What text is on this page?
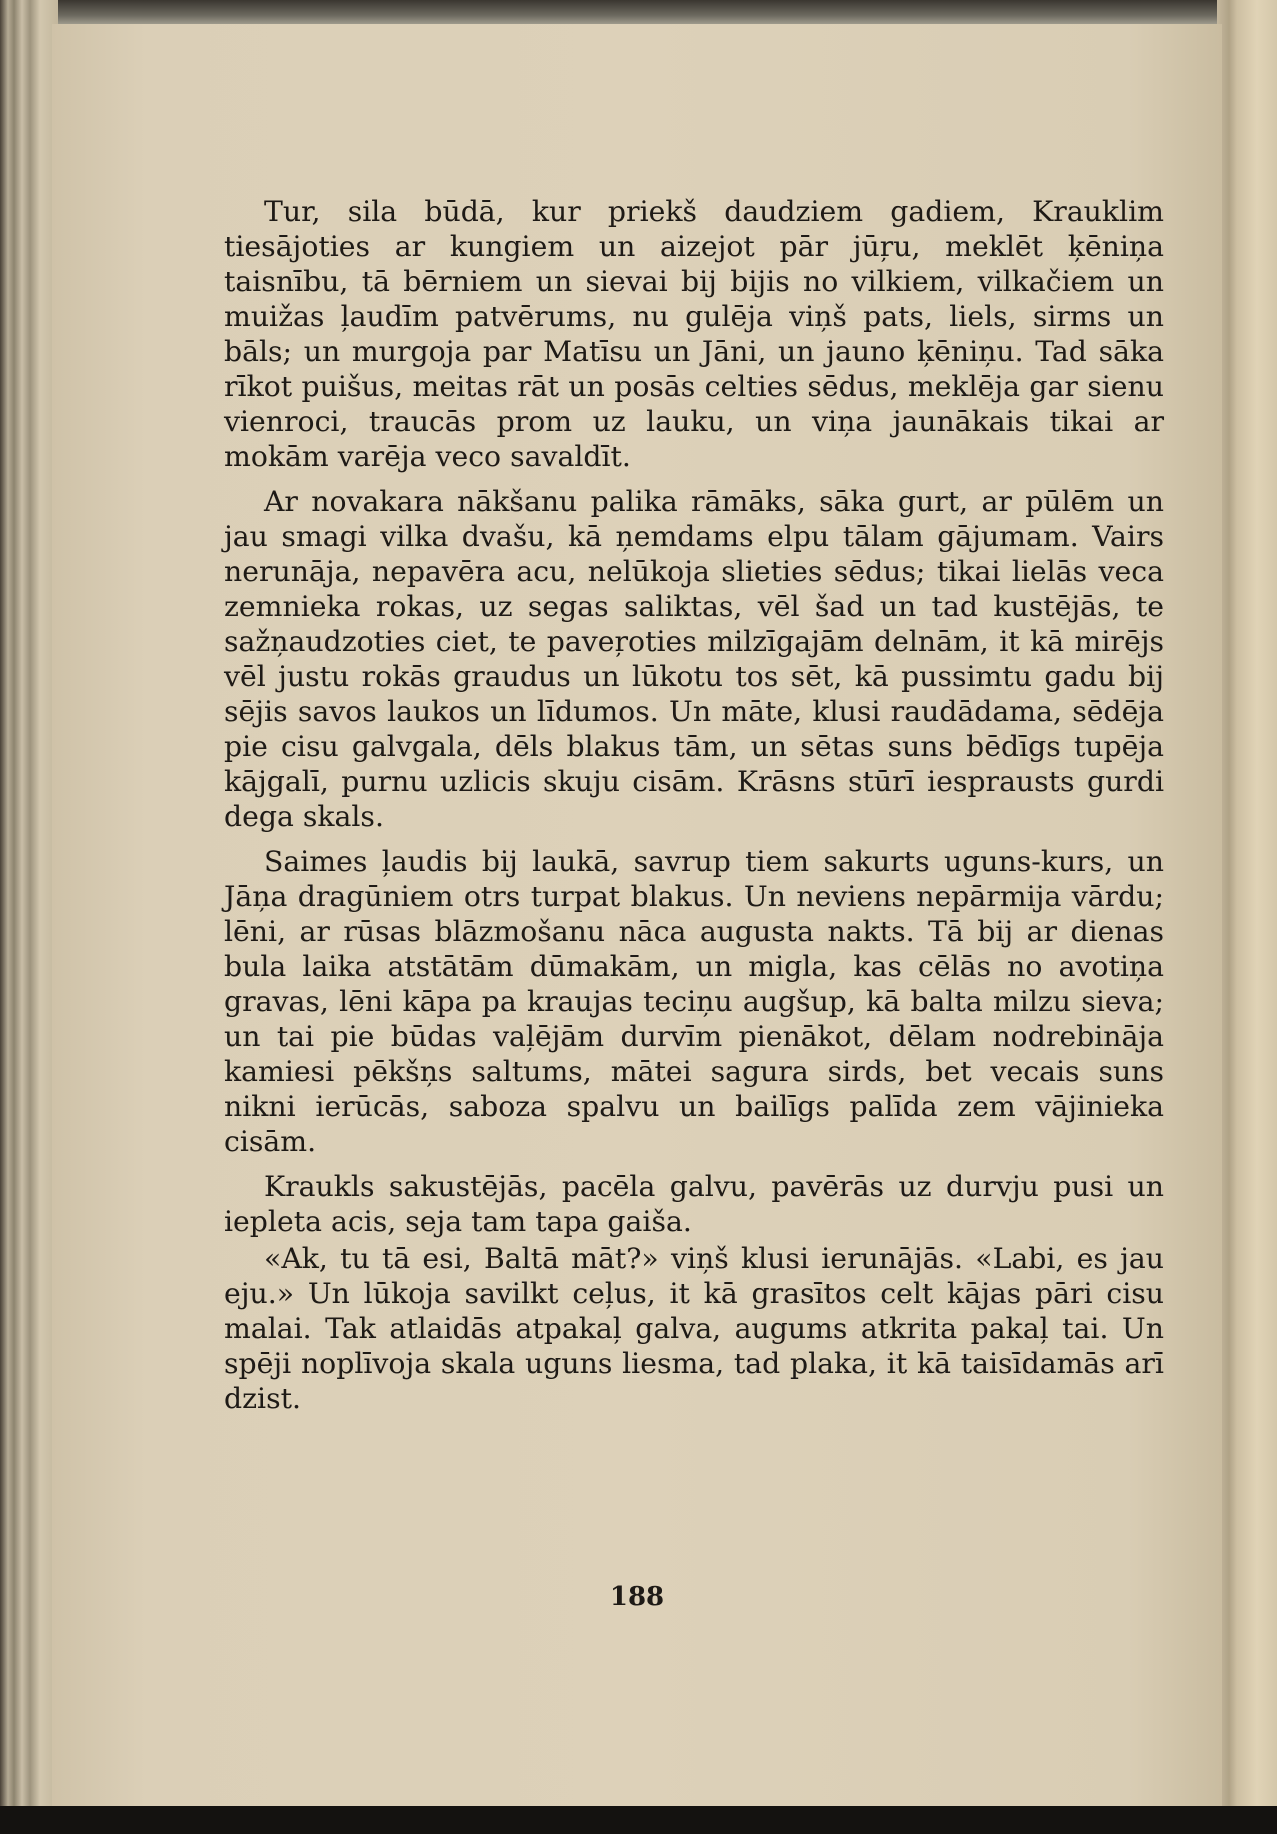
Tur, sila būdā, kur priekš daudziem gadiem, Krauklim tiesājoties ar kungiem un aizejot pār jūŗu, meklēt ķēniņa taisnību, tā bērniem un sievai bij bijis no vilkiem, vilkačiem un muižas ļaudīm patvērums, nu gulēja viņš pats, liels, sirms un bāls; un murgoja par Matīsu un Jāni, un jauno ķēniņu. Tad sāka rīkot puišus, meitas rāt un posās celties sēdus, meklēja gar sienu vienroci, traucās prom uz lauku, un viņa jaunākais tikai ar mokām varēja veco savaldīt.

Ar novakara nākšanu palika rāmāks, sāka gurt, ar pūlēm un jau smagi vilka dvašu, kā ņemdams elpu tālam gājumam. Vairs nerunāja, nepavēra acu, nelūkoja slieties sēdus; tikai lielās veca zemnieka rokas, uz segas saliktas, vēl šad un tad kustējās, te sažņaudzoties ciet, te paveŗoties milzīgajām delnām, it kā mirējs vēl justu rokās graudus un lūkotu tos sēt, kā pussimtu gadu bij sējis savos laukos un līdumos. Un māte, klusi raudādama, sēdēja pie cisu galvgala, dēls blakus tām, un sētas suns bēdīgs tupēja kājgalī, purnu uzlicis skuju cisām. Krāsns stūrī iesprausts gurdi dega skals.

Saimes ļaudis bij laukā, savrup tiem sakurts uguns-kurs, un Jāņa dragūniem otrs turpat blakus. Un neviens nepārmija vārdu; lēni, ar rūsas blāzmošanu nāca augusta nakts. Tā bij ar dienas bula laika atstātām dūmakām, un migla, kas cēlās no avotiņa gravas, lēni kāpa pa kraujas teciņu augšup, kā balta milzu sieva; un tai pie būdas vaļējām durvīm pienākot, dēlam nodrebināja kamiesi pēkšņs saltums, mātei sagura sirds, bet vecais suns nikni ierūcās, saboza spalvu un bailīgs palīda zem vājinieka cisām.

Kraukls sakustējās, pacēla galvu, pavērās uz durvju pusi un iepleta acis, seja tam tapa gaiša.

«Ak, tu tā esi, Baltā māt?» viņš klusi ierunājās. «Labi, es jau eju.» Un lūkoja savilkt ceļus, it kā grasītos celt kājas pāri cisu malai. Tak atlaidās atpakaļ galva, augums atkrita pakaļ tai. Un spēji noplīvoja skala uguns liesma, tad plaka, it kā taisīdamās arī dzist.

188
